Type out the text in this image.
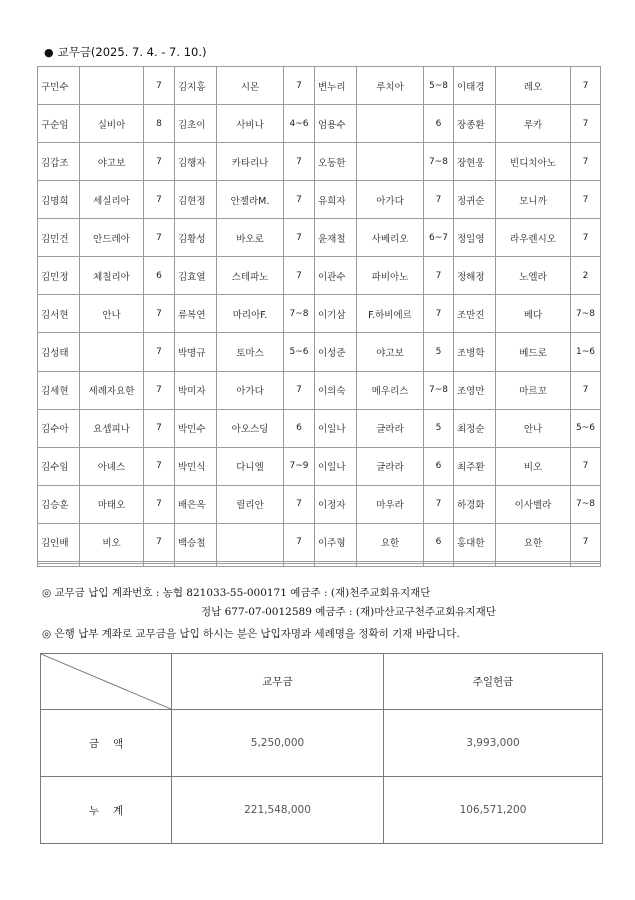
● 교무금(2025. 7. 4. - 7. 10.)
구민수		7	김지홍	시몬	7	변누리	루치아	5~8	이태경	레오	7
구순임	실비아	8	김초이	사비나	4~6	엄용수		6	장종환	루카	7
김갑조	야고보	7	김행자	카타리나	7	오동한		7~8	장현웅	빈디치아노	7
김명희	세실리아	7	김현정	안젤라M.	7	유희자	아가다	7	정귀순	모니까	7
김민건	안드레아	7	김황성	바오로	7	윤재철	사베리오	6~7	정일영	라우렌시오	7
김민정	체칠리아	6	김효열	스테파노	7	이관수	파비아노	7	정해정	노엘라	2
김서현	안나	7	류복연	마리아F.	7~8	이기삼	F.하비에르	7	조만진	베다	7~8
김성태		7	박명규	토마스	5~6	이성준	야고보	5	조병학	베드로	1~6
김세현	세례자요한	7	박미자	아가다	7	이의숙	메우리스	7~8	조영만	마르꼬	7
김수아	요셉피나	7	박민수	아오스딩	6	이일나	글라라	5	최정순	안나	5~6
김수임	아녜스	7	박민식	다니엘	7~9	이일나	글라라	6	최주환	비오	7
김승훈	마태오	7	배은옥	릴리안	7	이정자	마우라	7	하경화	이사벨라	7~8
김인배	비오	7	백승철		7	이주형	요한	6	홍대한	요한	7

◎ 교무금 납입 계좌번호 : 농협 821033-55-000171 예금주 : (재)천주교회유지재단
정남 677-07-0012589 예금주 : (재)마산교구천주교회유지재단
◎ 은행 납부 계좌로 교무금을 납입 하시는 분은 납입자명과 세례명을 정확히 기재 바랍니다.
	교무금	주일헌금
금액	5,250,000	3,993,000
누계	221,548,000	106,571,200
